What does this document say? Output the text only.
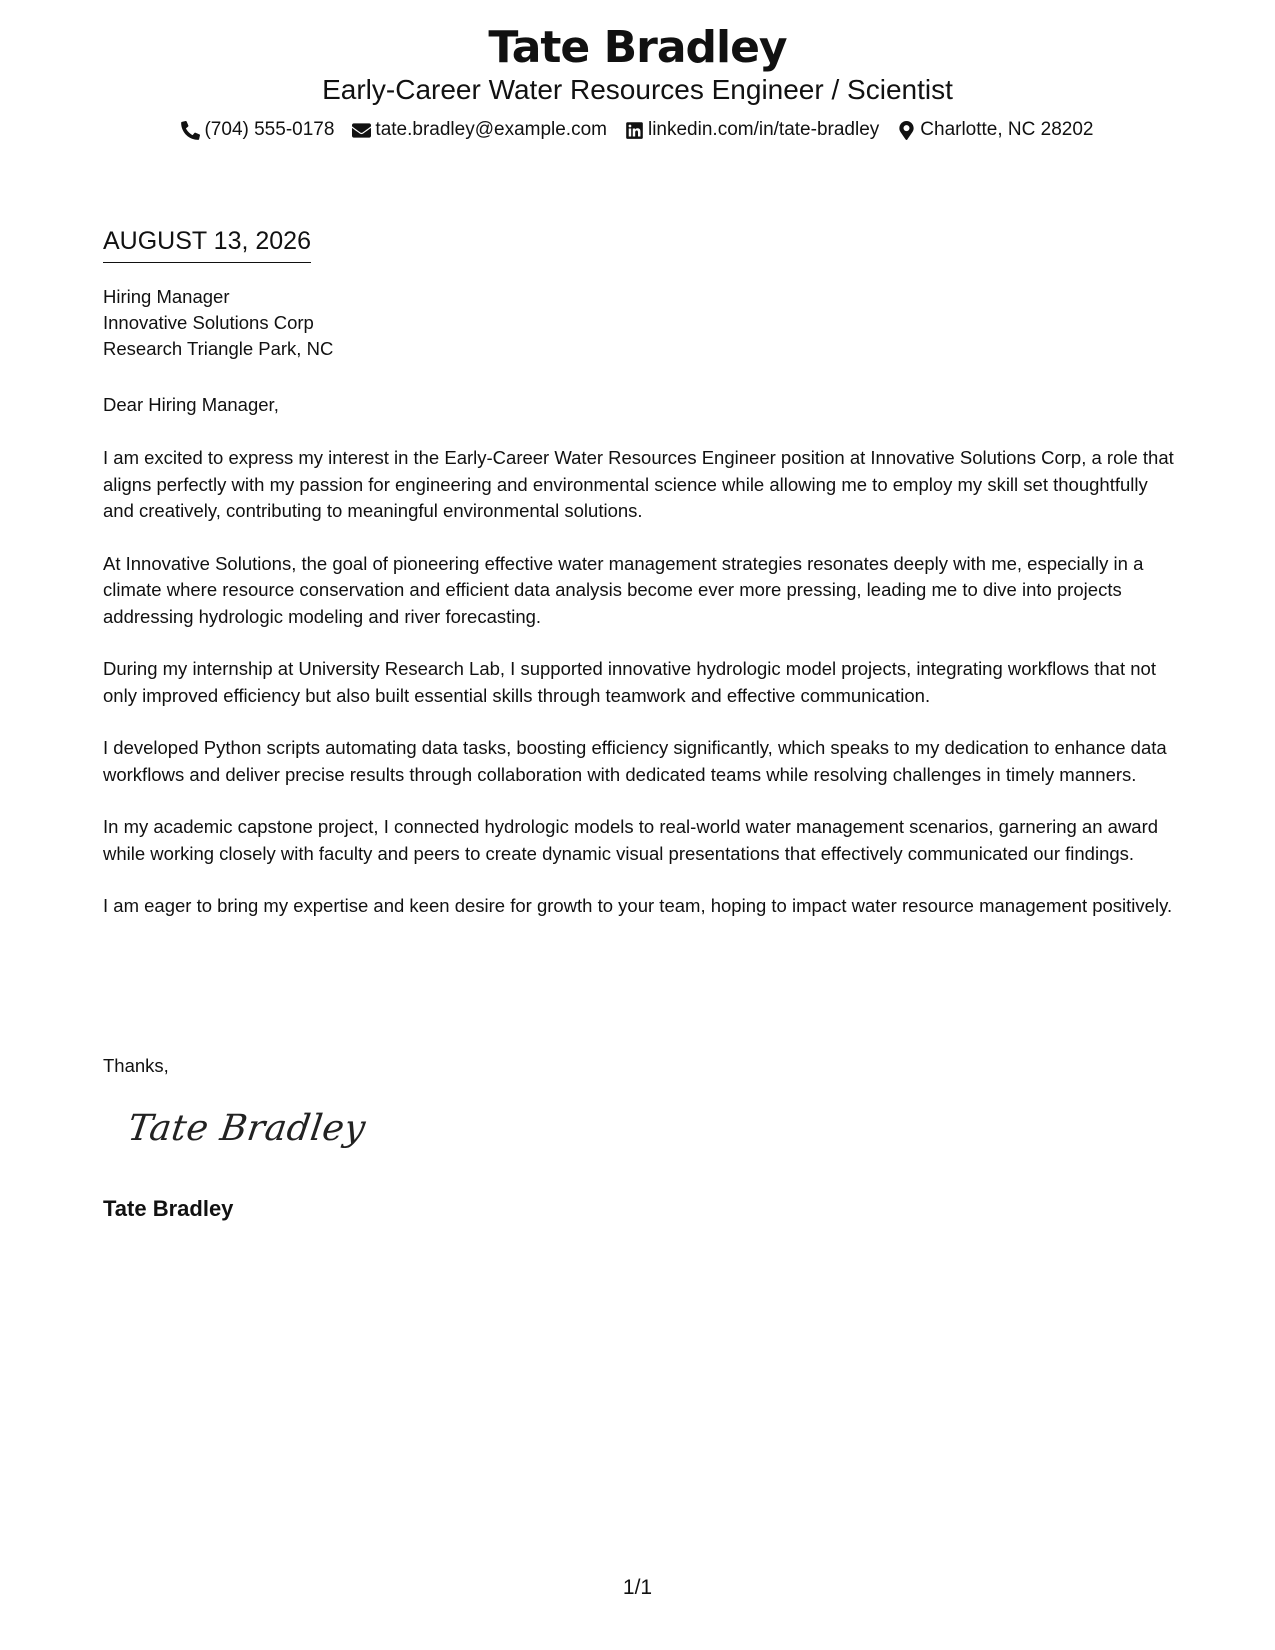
Tate Bradley
Early-Career Water Resources Engineer / Scientist
(704) 555-0178 tate.bradley@example.com linkedin.com/in/tate-bradley Charlotte, NC 28202
AUGUST 13, 2026
Hiring Manager
Innovative Solutions Corp
Research Triangle Park, NC
Dear Hiring Manager,

I am excited to express my interest in the Early-Career Water Resources Engineer position at Innovative Solutions Corp, a role that aligns perfectly with my passion for engineering and environmental science while allowing me to employ my skill set thoughtfully and creatively, contributing to meaningful environmental solutions.

At Innovative Solutions, the goal of pioneering effective water management strategies resonates deeply with me, especially in a climate where resource conservation and efficient data analysis become ever more pressing, leading me to dive into projects addressing hydrologic modeling and river forecasting.

During my internship at University Research Lab, I supported innovative hydrologic model projects, integrating workflows that not only improved efficiency but also built essential skills through teamwork and effective communication.

I developed Python scripts automating data tasks, boosting efficiency significantly, which speaks to my dedication to enhance data workflows and deliver precise results through collaboration with dedicated teams while resolving challenges in timely manners.

In my academic capstone project, I connected hydrologic models to real-world water management scenarios, garnering an award while working closely with faculty and peers to create dynamic visual presentations that effectively communicated our findings.

I am eager to bring my expertise and keen desire for growth to your team, hoping to impact water resource management positively.

Thanks,
Tate Bradley
Tate Bradley
1/1
